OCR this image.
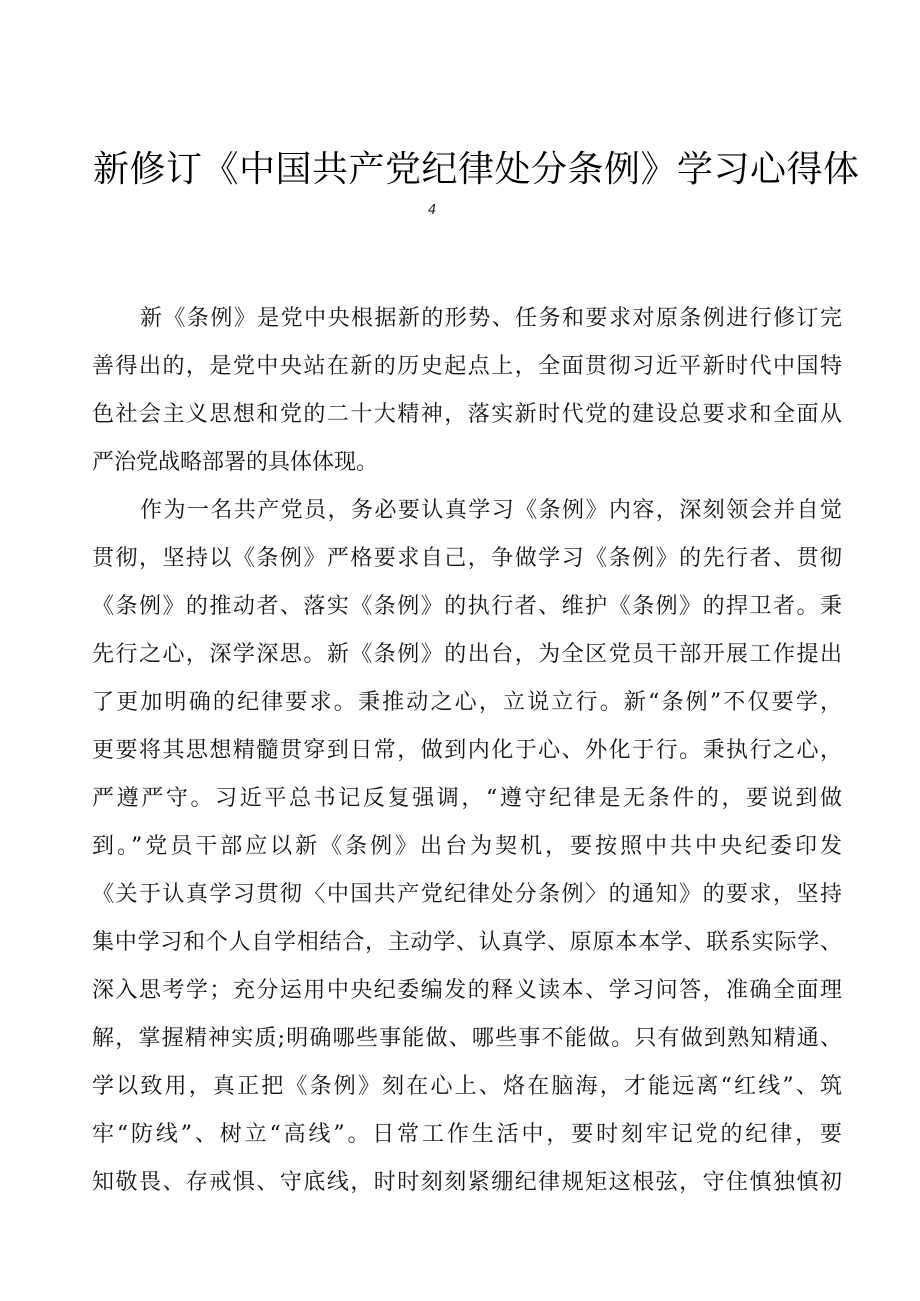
新修订《中国共产党纪律处分条例》学习心得体
4
新《条例》是党中央根据新的形势、任务和要求对原条例进行修订完
善得出的，是党中央站在新的历史起点上，全面贯彻习近平新时代中国特
色社会主义思想和党的二十大精神，落实新时代党的建设总要求和全面从
严治党战略部署的具体体现。
作为一名共产党员，务必要认真学习《条例》内容，深刻领会并自觉
贯彻，坚持以《条例》严格要求自己，争做学习《条例》的先行者、贯彻
《条例》的推动者、落实《条例》的执行者、维护《条例》的捍卫者。秉
先行之心，深学深思。新《条例》的出台，为全区党员干部开展工作提出
了更加明确的纪律要求。秉推动之心，立说立行。新“条例”不仅要学，
更要将其思想精髓贯穿到日常，做到内化于心、外化于行。秉执行之心，
严遵严守。习近平总书记反复强调，“遵守纪律是无条件的，要说到做
到。”党员干部应以新《条例》出台为契机，要按照中共中央纪委印发
《关于认真学习贯彻〈中国共产党纪律处分条例〉的通知》的要求，坚持
集中学习和个人自学相结合，主动学、认真学、原原本本学、联系实际学、
深入思考学；充分运用中央纪委编发的释义读本、学习问答，准确全面理
解，掌握精神实质;明确哪些事能做、哪些事不能做。只有做到熟知精通、
学以致用，真正把《条例》刻在心上、烙在脑海，才能远离“红线”、筑
牢“防线”、树立“高线”。日常工作生活中，要时刻牢记党的纪律，要
知敬畏、存戒惧、守底线，时时刻刻紧绷纪律规矩这根弦，守住慎独慎初
